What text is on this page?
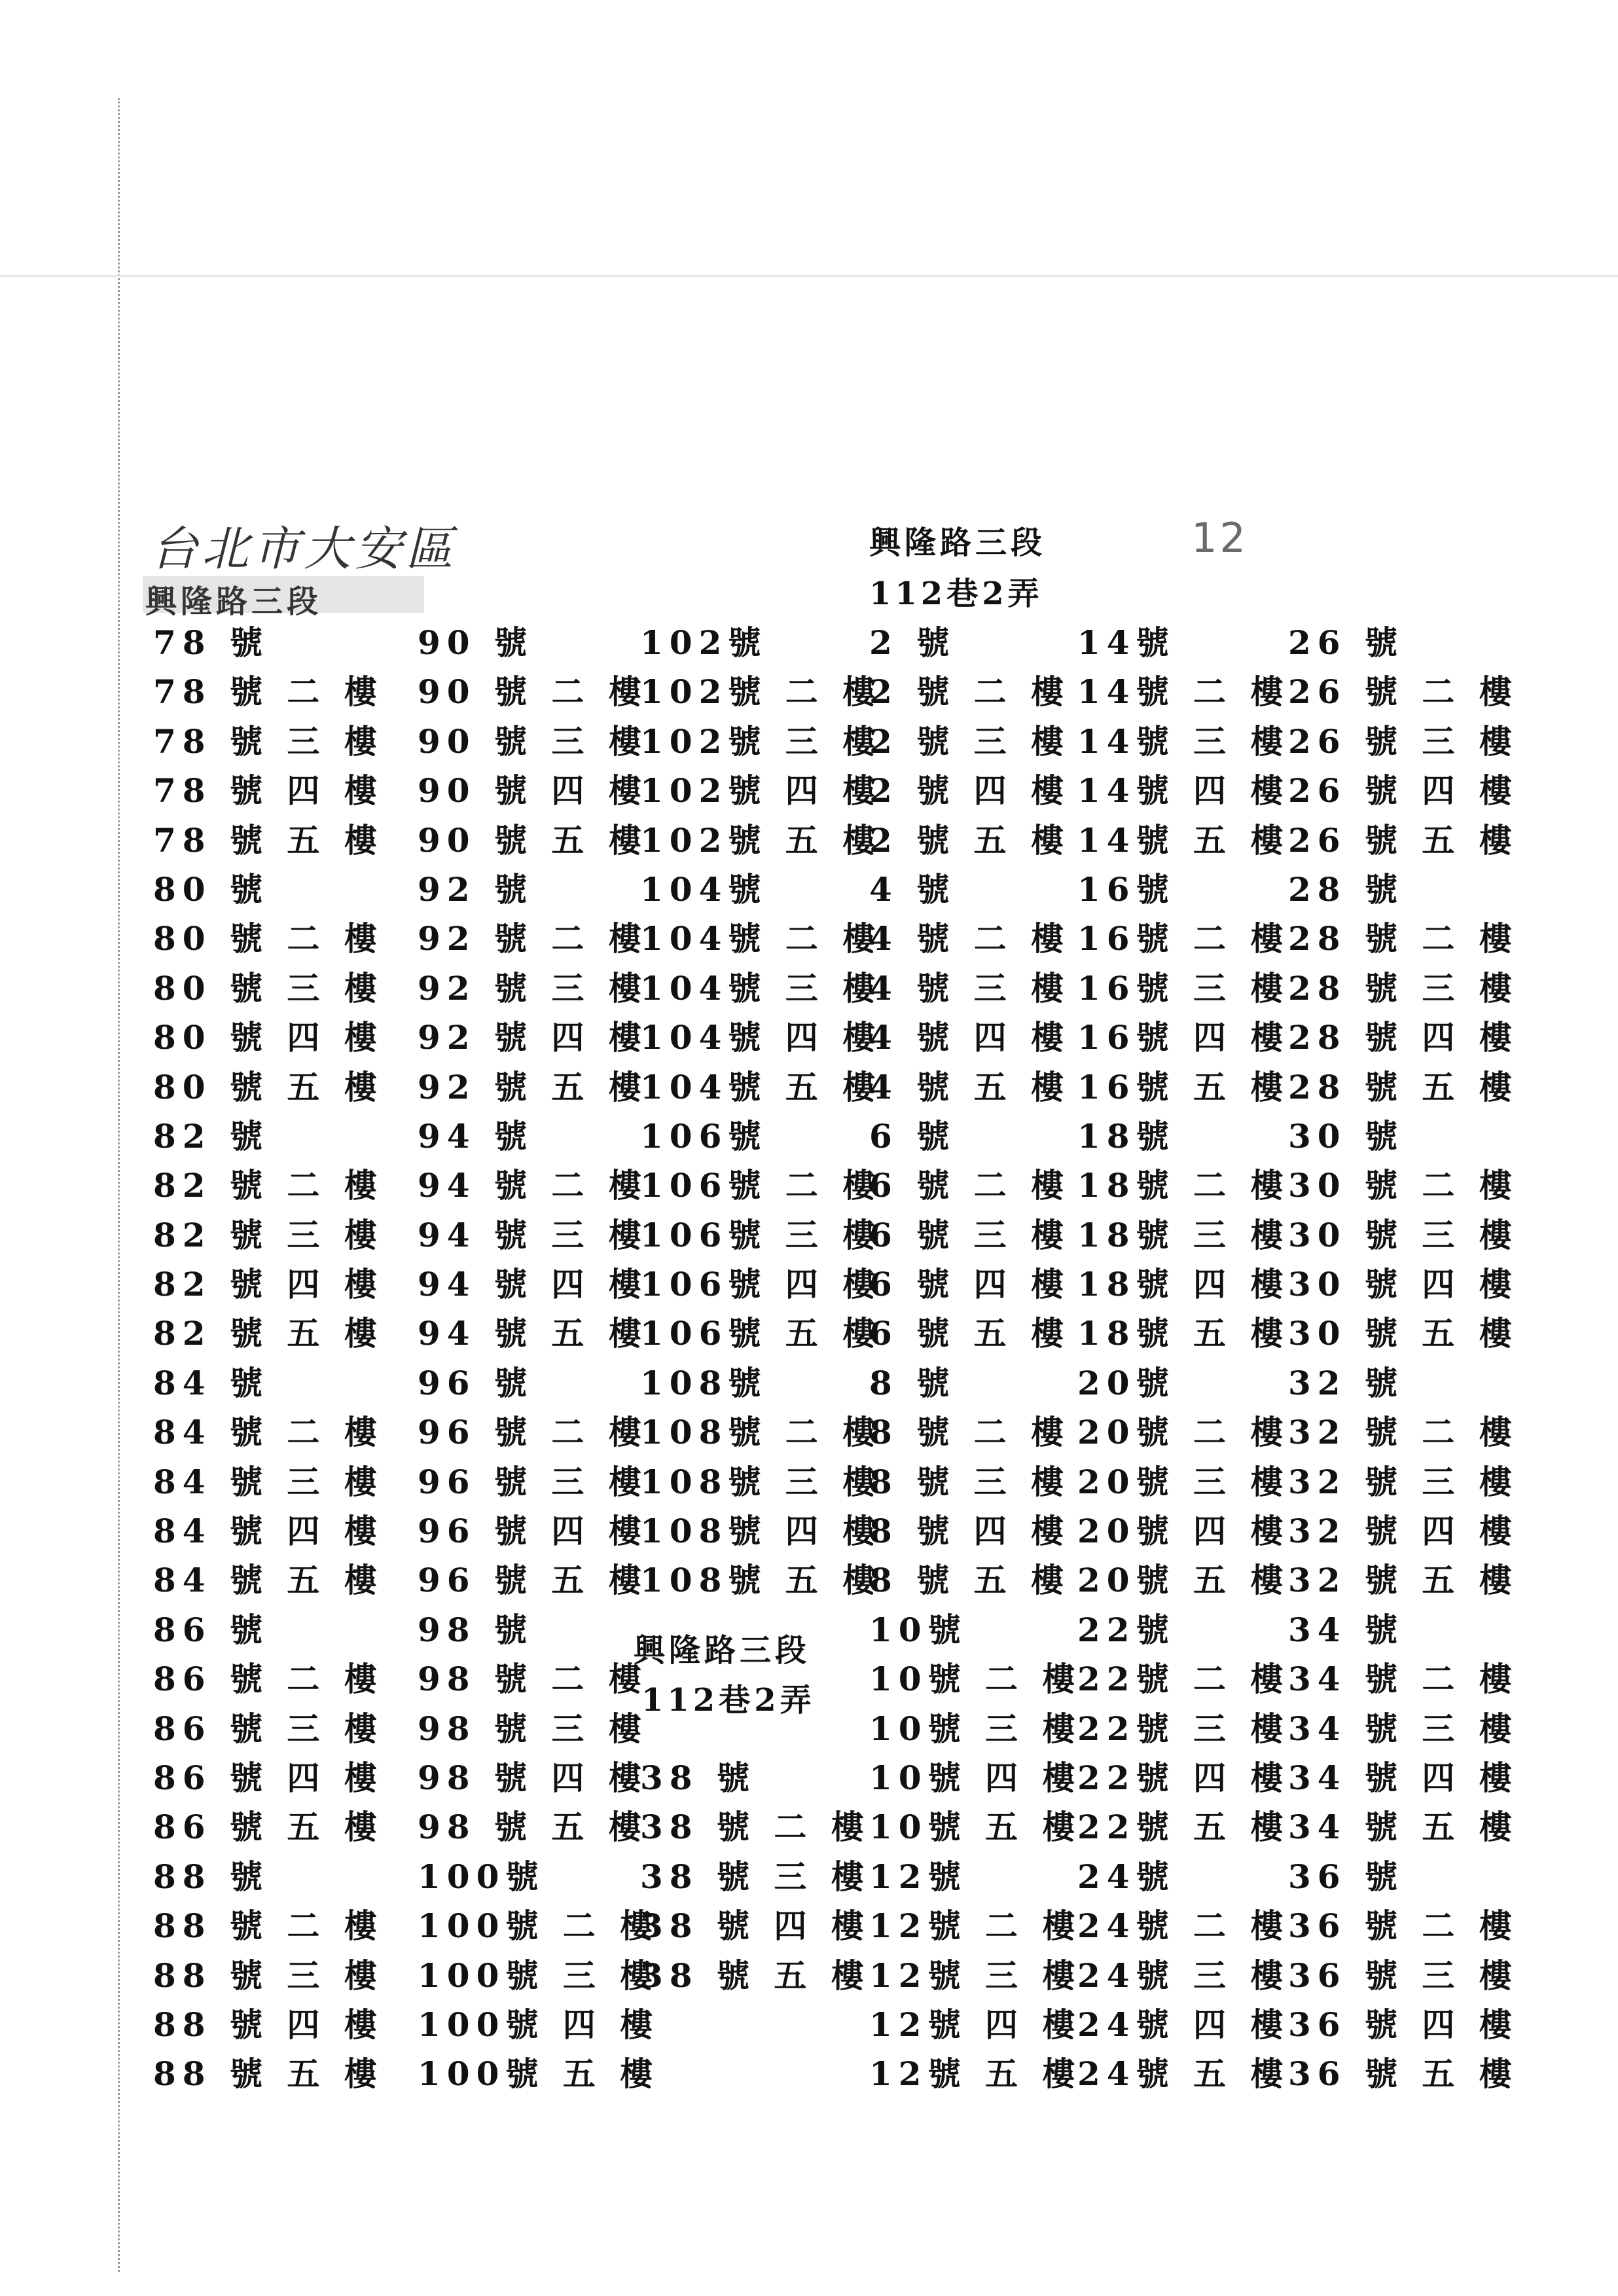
台北市大安區
興隆路三段
興隆路三段
112巷2弄
12
78 號
78 號 二 樓
78 號 三 樓
78 號 四 樓
78 號 五 樓
80 號
80 號 二 樓
80 號 三 樓
80 號 四 樓
80 號 五 樓
82 號
82 號 二 樓
82 號 三 樓
82 號 四 樓
82 號 五 樓
84 號
84 號 二 樓
84 號 三 樓
84 號 四 樓
84 號 五 樓
86 號
86 號 二 樓
86 號 三 樓
86 號 四 樓
86 號 五 樓
88 號
88 號 二 樓
88 號 三 樓
88 號 四 樓
88 號 五 樓
90 號
90 號 二 樓
90 號 三 樓
90 號 四 樓
90 號 五 樓
92 號
92 號 二 樓
92 號 三 樓
92 號 四 樓
92 號 五 樓
94 號
94 號 二 樓
94 號 三 樓
94 號 四 樓
94 號 五 樓
96 號
96 號 二 樓
96 號 三 樓
96 號 四 樓
96 號 五 樓
98 號
98 號 二 樓
98 號 三 樓
98 號 四 樓
98 號 五 樓
100號
100號 二 樓
100號 三 樓
100號 四 樓
100號 五 樓
102號
102號 二 樓
102號 三 樓
102號 四 樓
102號 五 樓
104號
104號 二 樓
104號 三 樓
104號 四 樓
104號 五 樓
106號
106號 二 樓
106號 三 樓
106號 四 樓
106號 五 樓
108號
108號 二 樓
108號 三 樓
108號 四 樓
108號 五 樓
38 號
38 號 二 樓
38 號 三 樓
38 號 四 樓
38 號 五 樓
2 號
2 號 二 樓
2 號 三 樓
2 號 四 樓
2 號 五 樓
4 號
4 號 二 樓
4 號 三 樓
4 號 四 樓
4 號 五 樓
6 號
6 號 二 樓
6 號 三 樓
6 號 四 樓
6 號 五 樓
8 號
8 號 二 樓
8 號 三 樓
8 號 四 樓
8 號 五 樓
10號
10號 二 樓
10號 三 樓
10號 四 樓
10號 五 樓
12號
12號 二 樓
12號 三 樓
12號 四 樓
12號 五 樓
14號
14號 二 樓
14號 三 樓
14號 四 樓
14號 五 樓
16號
16號 二 樓
16號 三 樓
16號 四 樓
16號 五 樓
18號
18號 二 樓
18號 三 樓
18號 四 樓
18號 五 樓
20號
20號 二 樓
20號 三 樓
20號 四 樓
20號 五 樓
22號
22號 二 樓
22號 三 樓
22號 四 樓
22號 五 樓
24號
24號 二 樓
24號 三 樓
24號 四 樓
24號 五 樓
26 號
26 號 二 樓
26 號 三 樓
26 號 四 樓
26 號 五 樓
28 號
28 號 二 樓
28 號 三 樓
28 號 四 樓
28 號 五 樓
30 號
30 號 二 樓
30 號 三 樓
30 號 四 樓
30 號 五 樓
32 號
32 號 二 樓
32 號 三 樓
32 號 四 樓
32 號 五 樓
34 號
34 號 二 樓
34 號 三 樓
34 號 四 樓
34 號 五 樓
36 號
36 號 二 樓
36 號 三 樓
36 號 四 樓
36 號 五 樓
興隆路三段
112巷2弄
